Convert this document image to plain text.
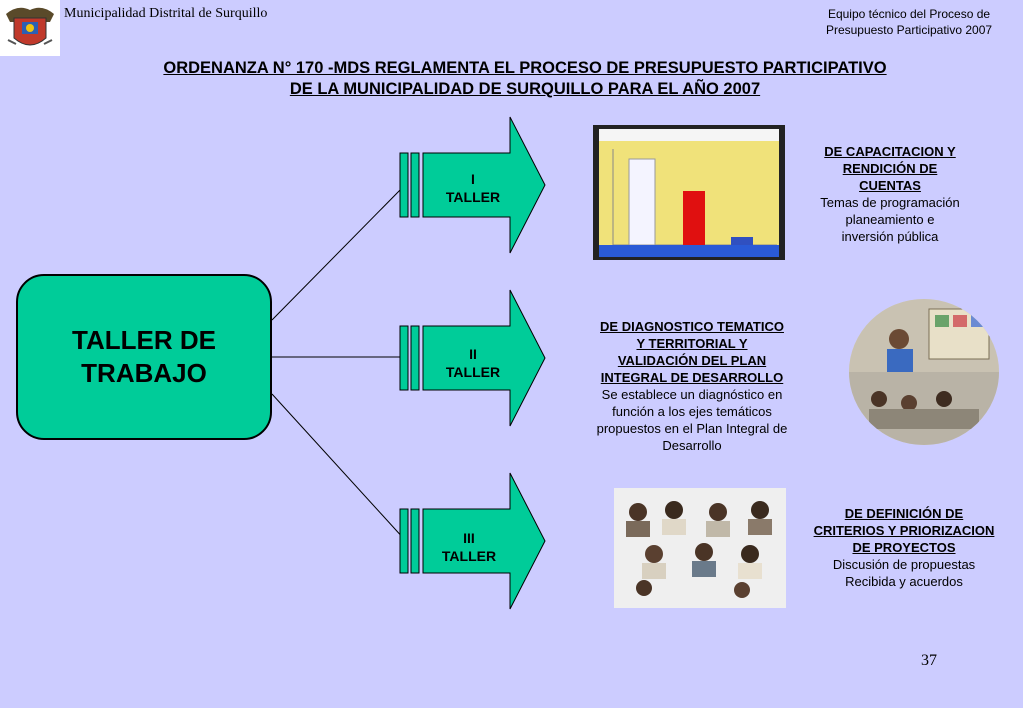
Municipalidad Distrital de Surquillo	Equipo técnico del Proceso de
Presupuesto Participativo 2007
ORDENANZA N° 170 -MDS REGLAMENTA EL PROCESO DE PRESUPUESTO PARTICIPATIVO
DE LA MUNICIPALIDAD DE SURQUILLO PARA EL AÑO 2007
TALLER DE
TRABAJO
I
TALLER
II
TALLER
III
TALLER
DE CAPACITACION Y
RENDICIÓN DE
CUENTAS
Temas de programación
planeamiento e
inversión pública
DE DIAGNOSTICO TEMATICO
Y TERRITORIAL Y
VALIDACIÓN DEL PLAN
INTEGRAL DE DESARROLLO
Se establece un diagnóstico en
función a los ejes temáticos
propuestos en el Plan Integral de
Desarrollo
DE DEFINICIÓN DE
CRITERIOS Y PRIORIZACION
DE PROYECTOS
Discusión de propuestas
Recibida y acuerdos
37
